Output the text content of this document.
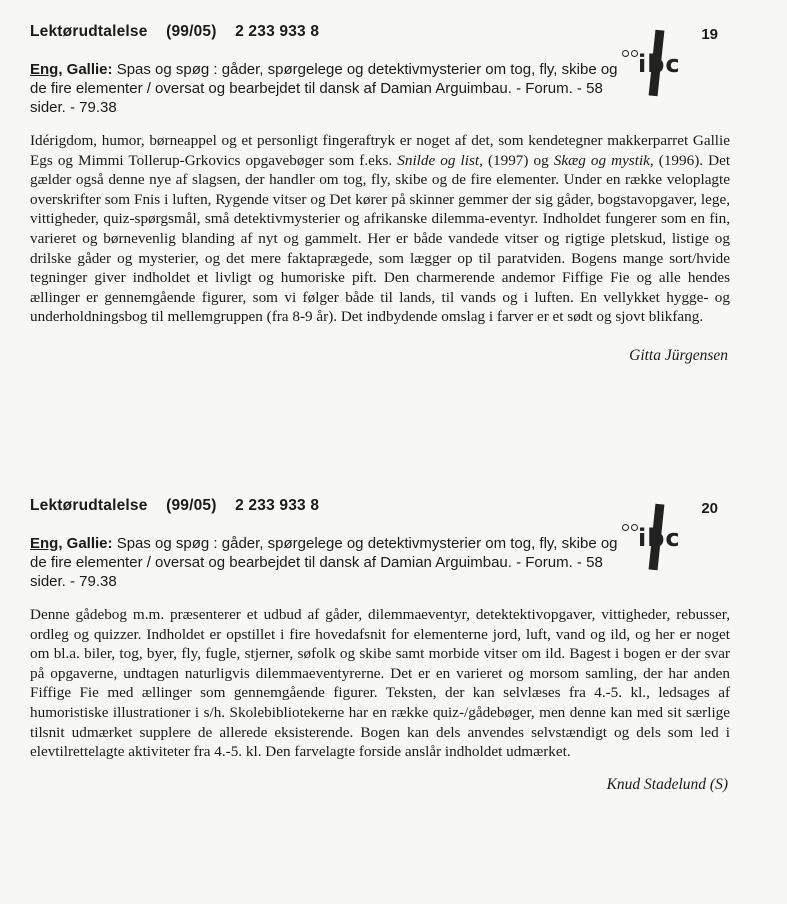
Lektørudtalelse (99/05) 2 233 933 8
ibc
19
Eng, Gallie: Spas og spøg : gåder, spørgelege og detektivmysterier om tog, fly, skibe og de fire elementer / oversat og bearbejdet til dansk af Damian Arguimbau. - Forum. - 58 sider. - 79.38
Idérigdom, humor, børneappel og et personligt fingeraftryk er noget af det, som kendetegner makkerparret Gallie Egs og Mimmi Tollerup-Grkovics opgavebøger som f.eks. Snilde og list, (1997) og Skæg og mystik, (1996). Det gælder også denne nye af slagsen, der handler om tog, fly, skibe og de fire elementer. Under en række veloplagte overskrifter som Fnis i luften, Rygende vitser og Det kører på skinner gemmer der sig gåder, bogstavopgaver, lege, vittigheder, quiz-spørgsmål, små detektivmysterier og afrikanske dilemma-eventyr. Indholdet fungerer som en fin, varieret og børnevenlig blanding af nyt og gammelt. Her er både vandede vitser og rigtige pletskud, listige og drilske gåder og mysterier, og det mere faktaprægede, som lægger op til paratviden. Bogens mange sort/hvide tegninger giver indholdet et livligt og humoriske pift. Den charmerende andemor Fiffige Fie og alle hendes ællinger er gennemgående figurer, som vi følger både til lands, til vands og i luften. En vellykket hygge- og underholdningsbog til mellemgruppen (fra 8-9 år). Det indbydende omslag i farver er et sødt og sjovt blikfang.
Gitta Jürgensen
Lektørudtalelse (99/05) 2 233 933 8
ibc
20
Eng, Gallie: Spas og spøg : gåder, spørgelege og detektivmysterier om tog, fly, skibe og de fire elementer / oversat og bearbejdet til dansk af Damian Arguimbau. - Forum. - 58 sider. - 79.38
Denne gådebog m.m. præsenterer et udbud af gåder, dilemmaeventyr, detektektivopgaver, vittigheder, rebusser, ordleg og quizzer. Indholdet er opstillet i fire hovedafsnit for elementerne jord, luft, vand og ild, og her er noget om bl.a. biler, tog, byer, fly, fugle, stjerner, søfolk og skibe samt morbide vitser om ild. Bagest i bogen er der svar på opgaverne, undtagen naturligvis dilemmaeventyrerne. Det er en varieret og morsom samling, der har anden Fiffige Fie med ællinger som gennemgående figurer. Teksten, der kan selvlæses fra 4.-5. kl., ledsages af humoristiske illustrationer i s/h. Skolebibliotekerne har en række quiz-/gådebøger, men denne kan med sit særlige tilsnit udmærket supplere de allerede eksisterende. Bogen kan dels anvendes selvstændigt og dels som led i elevtilrettelagte aktiviteter fra 4.-5. kl. Den farvelagte forside anslår indholdet udmærket.
Knud Stadelund (S)
